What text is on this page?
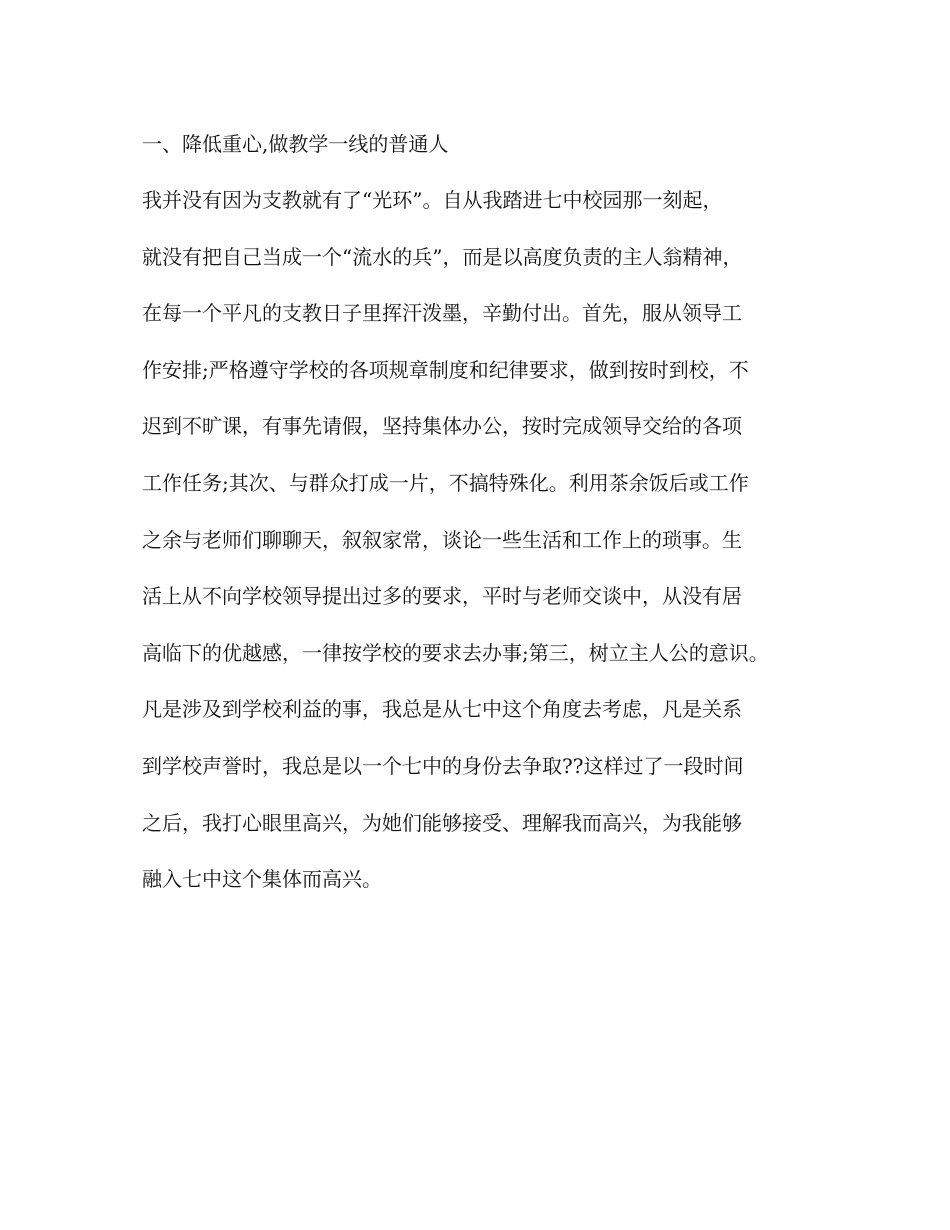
一、降低重心,做教学一线的普通人
我并没有因为支教就有了“光环”。自从我踏进七中校园那一刻起，
就没有把自己当成一个“流水的兵”，而是以高度负责的主人翁精神，
在每一个平凡的支教日子里挥汗泼墨，辛勤付出。首先，服从领导工
作安排;严格遵守学校的各项规章制度和纪律要求，做到按时到校，不
迟到不旷课，有事先请假，坚持集体办公，按时完成领导交给的各项
工作任务;其次、与群众打成一片，不搞特殊化。利用茶余饭后或工作
之余与老师们聊聊天，叙叙家常，谈论一些生活和工作上的琐事。生
活上从不向学校领导提出过多的要求，平时与老师交谈中，从没有居
高临下的优越感，一律按学校的要求去办事;第三，树立主人公的意识。
凡是涉及到学校利益的事，我总是从七中这个角度去考虑，凡是关系
到学校声誉时，我总是以一个七中的身份去争取??这样过了一段时间
之后，我打心眼里高兴，为她们能够接受、理解我而高兴，为我能够
融入七中这个集体而高兴。
